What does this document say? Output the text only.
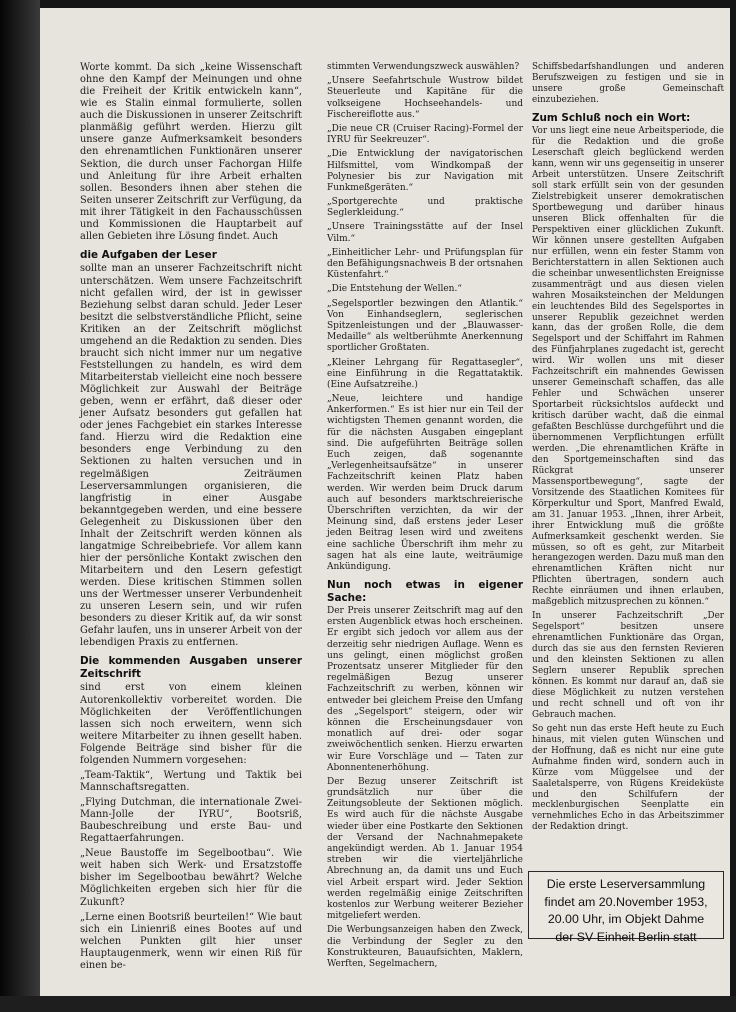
Worte kommt. Da sich „keine Wissenschaft ohne den Kampf der Meinungen und ohne die Freiheit der Kritik entwickeln kann“, wie es Stalin einmal formulierte, sollen auch die Diskussionen in unserer Zeitschrift planmäßig geführt werden. Hierzu gilt unsere ganze Aufmerksamkeit besonders den ehrenamtlichen Funktionären unserer Sektion, die durch unser Fachorgan Hilfe und Anleitung für ihre Arbeit erhalten sollen. Besonders ihnen aber stehen die Seiten unserer Zeitschrift zur Verfügung, da mit ihrer Tätigkeit in den Fachausschüssen und Kommissionen die Hauptarbeit auf allen Gebieten ihre Lösung findet. Auch

die Aufgaben der Leser

sollte man an unserer Fachzeitschrift nicht unterschätzen. Wem unsere Fachzeitschrift nicht gefallen wird, der ist in gewisser Beziehung selbst daran schuld. Jeder Leser besitzt die selbstverständliche Pflicht, seine Kritiken an der Zeitschrift möglichst umgehend an die Redaktion zu senden. Dies braucht sich nicht immer nur um negative Feststellungen zu handeln, es wird dem Mitarbeiterstab vielleicht eine noch bessere Möglichkeit zur Auswahl der Beiträge geben, wenn er erfährt, daß dieser oder jener Aufsatz besonders gut gefallen hat oder jenes Fachgebiet ein starkes Interesse fand. Hierzu wird die Redaktion eine besonders enge Verbindung zu den Sektionen zu halten versuchen und in regelmäßigen Zeiträumen Leserversammlungen organisieren, die langfristig in einer Ausgabe bekanntgegeben werden, und eine bessere Gelegenheit zu Diskussionen über den Inhalt der Zeitschrift werden können als langatmige Schreibebriefe. Vor allem kann hier der persönliche Kontakt zwischen den Mitarbeitern und den Lesern gefestigt werden. Diese kritischen Stimmen sollen uns der Wertmesser unserer Verbundenheit zu unseren Lesern sein, und wir rufen besonders zu dieser Kritik auf, da wir sonst Gefahr laufen, uns in unserer Arbeit von der lebendigen Praxis zu entfernen.

Die kommenden Ausgaben unserer Zeitschrift

sind erst von einem kleinen Autorenkollektiv vorbereitet worden. Die Möglichkeiten der Veröffentlichungen lassen sich noch erweitern, wenn sich weitere Mitarbeiter zu ihnen gesellt haben. Folgende Beiträge sind bisher für die folgenden Nummern vorgesehen:

„Team-Taktik“, Wertung und Taktik bei Mannschaftsregatten.

„Flying Dutchman, die internationale Zwei-Mann-Jolle der IYRU“, Bootsriß, Baubeschreibung und erste Bau- und Regattaerfahrungen.

„Neue Baustoffe im Segelbootbau“. Wie weit haben sich Werk- und Ersatzstoffe bisher im Segelbootbau bewährt? Welche Möglichkeiten ergeben sich hier für die Zukunft?

„Lerne einen Bootsriß beurteilen!“ Wie baut sich ein Linienriß eines Bootes auf und welchen Punkten gilt hier unser Hauptaugenmerk, wenn wir einen Riß für einen be-

stimmten Verwendungszweck auswählen?

„Unsere Seefahrtschule Wustrow bildet Steuerleute und Kapitäne für die volkseigene Hochseehandels- und Fischereiflotte aus.“

„Die neue CR (Cruiser Racing)-Formel der IYRU für Seekreuzer“.

„Die Entwicklung der navigatorischen Hilfsmittel, vom Windkompaß der Polynesier bis zur Navigation mit Funkmeßgeräten.“

„Sportgerechte und praktische Seglerkleidung.“

„Unsere Trainingsstätte auf der Insel Vilm.“

„Einheitlicher Lehr- und Prüfungsplan für den Befähigungsnachweis B der ortsnahen Küstenfahrt.“

„Die Entstehung der Wellen.“

„Segelsportler bezwingen den Atlantik.“ Von Einhandseglern, seglerischen Spitzenleistungen und der „Blauwasser-Medaille“ als weltberühmte Anerkennung sportlicher Großtaten.

„Kleiner Lehrgang für Regattasegler“, eine Einführung in die Regattataktik. (Eine Aufsatzreihe.)

„Neue, leichtere und handige Ankerformen.“ Es ist hier nur ein Teil der wichtigsten Themen genannt worden, die für die nächsten Ausgaben eingeplant sind. Die aufgeführten Beiträge sollen Euch zeigen, daß sogenannte „Verlegenheitsaufsätze“ in unserer Fachzeitschrift keinen Platz haben werden. Wir werden beim Druck darum auch auf besonders marktschreierische Überschriften verzichten, da wir der Meinung sind, daß erstens jeder Leser jeden Beitrag lesen wird und zweitens eine sachliche Überschrift ihm mehr zu sagen hat als eine laute, weiträumige Ankündigung.

Nun noch etwas in eigener Sache:

Der Preis unserer Zeitschrift mag auf den ersten Augenblick etwas hoch erscheinen. Er ergibt sich jedoch vor allem aus der derzeitig sehr niedrigen Auflage. Wenn es uns gelingt, einen möglichst großen Prozentsatz unserer Mitglieder für den regelmäßigen Bezug unserer Fachzeitschrift zu werben, können wir entweder bei gleichem Preise den Umfang des „Segelsport“ steigern, oder wir können die Erscheinungsdauer von monatlich auf drei- oder sogar zweiwöchentlich senken. Hierzu erwarten wir Eure Vorschläge und — Taten zur Abonnentenerhöhung.

Der Bezug unserer Zeitschrift ist grundsätzlich nur über die Zeitungsobleute der Sektionen möglich. Es wird auch für die nächste Ausgabe wieder über eine Postkarte den Sektionen der Versand der Nachnahmepakete angekündigt werden. Ab 1. Januar 1954 streben wir die vierteljährliche Abrechnung an, da damit uns und Euch viel Arbeit erspart wird. Jeder Sektion werden regelmäßig einige Zeitschriften kostenlos zur Werbung weiterer Bezieher mitgeliefert werden.

Die Werbungsanzeigen haben den Zweck, die Verbindung der Segler zu den Konstrukteuren, Bauaufsichten, Maklern, Werften, Segelmachern,

Schiffsbedarfshandlungen und anderen Berufszweigen zu festigen und sie in unsere große Gemeinschaft einzubeziehen.

Zum Schluß noch ein Wort:

Vor uns liegt eine neue Arbeitsperiode, die für die Redaktion und die große Leserschaft gleich beglückend werden kann, wenn wir uns gegenseitig in unserer Arbeit unterstützen. Unsere Zeitschrift soll stark erfüllt sein von der gesunden Zielstrebigkeit unserer demokratischen Sportbewegung und darüber hinaus unseren Blick offenhalten für die Perspektiven einer glücklichen Zukunft. Wir können unsere gestellten Aufgaben nur erfüllen, wenn ein fester Stamm von Berichterstattern in allen Sektionen auch die scheinbar unwesentlichsten Ereignisse zusammenträgt und aus diesen vielen wahren Mosaiksteinchen der Meldungen ein leuchtendes Bild des Segelsportes in unserer Republik gezeichnet werden kann, das der großen Rolle, die dem Segelsport und der Schiffahrt im Rahmen des Fünfjahrplanes zugedacht ist, gerecht wird. Wir wollen uns mit dieser Fachzeitschrift ein mahnendes Gewissen unserer Gemeinschaft schaffen, das alle Fehler und Schwächen unserer Sportarbeit rücksichtslos aufdeckt und kritisch darüber wacht, daß die einmal gefaßten Beschlüsse durchgeführt und die übernommenen Verpflichtungen erfüllt werden. „Die ehrenamtlichen Kräfte in den Sportgemeinschaften sind das Rückgrat unserer Massensportbewegung“, sagte der Vorsitzende des Staatlichen Komitees für Körperkultur und Sport, Manfred Ewald, am 31. Januar 1953. „Ihnen, ihrer Arbeit, ihrer Entwicklung muß die größte Aufmerksamkeit geschenkt werden. Sie müssen, so oft es geht, zur Mitarbeit herangezogen werden. Dazu muß man den ehrenamtlichen Kräften nicht nur Pflichten übertragen, sondern auch Rechte einräumen und ihnen erlauben, maßgeblich mitzusprechen zu können.“

In unserer Fachzeitschrift „Der Segelsport“ besitzen unsere ehrenamtlichen Funktionäre das Organ, durch das sie aus den fernsten Revieren und den kleinsten Sektionen zu allen Seglern unserer Republik sprechen können. Es kommt nur darauf an, daß sie diese Möglichkeit zu nutzen verstehen und recht schnell und oft von ihr Gebrauch machen.

So geht nun das erste Heft heute zu Euch hinaus, mit vielen guten Wünschen und der Hoffnung, daß es nicht nur eine gute Aufnahme finden wird, sondern auch in Kürze vom Müggelsee und der Saaletalsperre, von Rügens Kreideküste und den Schilfufern der mecklenburgischen Seenplatte ein vernehmliches Echo in das Arbeitszimmer der Redaktion dringt.

Die erste Leserversammlung
findet am 20.November 1953,
20.00 Uhr, im Objekt Dahme
der SV Einheit Berlin statt
